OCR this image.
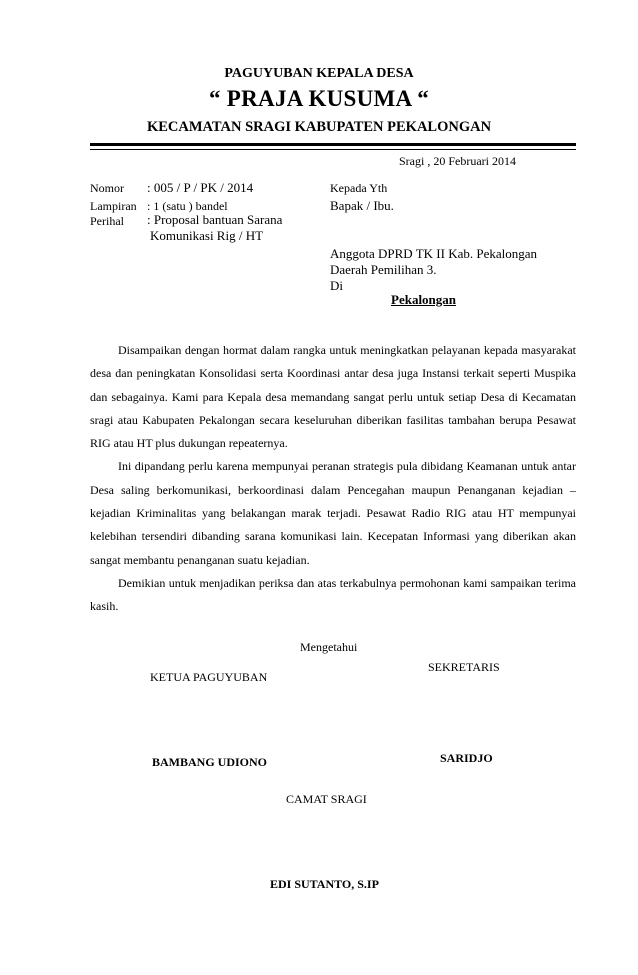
PAGUYUBAN KEPALA DESA
“ PRAJA KUSUMA “
KECAMATAN SRAGI KABUPATEN PEKALONGAN
Sragi , 20 Februari 2014
Nomor : 005 / P / PK / 2014
Lampiran : 1 (satu ) bandel
Perihal : Proposal bantuan Sarana
Komunikasi Rig / HT
Kepada Yth
Bapak / Ibu.
Anggota DPRD TK II Kab. Pekalongan
Daerah Pemilihan 3.
Di
Pekalongan

Disampaikan dengan hormat dalam rangka untuk meningkatkan pelayanan kepada masyarakat desa dan peningkatan Konsolidasi serta Koordinasi antar desa juga Instansi terkait seperti Muspika dan sebagainya. Kami para Kepala desa memandang sangat perlu untuk setiap Desa di Kecamatan sragi atau Kabupaten Pekalongan secara keseluruhan diberikan fasilitas tambahan berupa Pesawat RIG atau HT plus dukungan repeaternya.

Ini dipandang perlu karena mempunyai peranan strategis pula dibidang Keamanan untuk antar Desa saling berkomunikasi, berkoordinasi dalam Pencegahan maupun Penanganan kejadian – kejadian Kriminalitas yang belakangan marak terjadi. Pesawat Radio RIG atau HT mempunyai kelebihan tersendiri dibanding sarana komunikasi lain. Kecepatan Informasi yang diberikan akan sangat membantu penanganan suatu kejadian.

Demikian untuk menjadikan periksa dan atas terkabulnya permohonan kami sampaikan terima kasih.

Mengetahui
KETUA PAGUYUBAN
SEKRETARIS
BAMBANG UDIONO	SARIDJO
CAMAT SRAGI
EDI SUTANTO, S.IP
